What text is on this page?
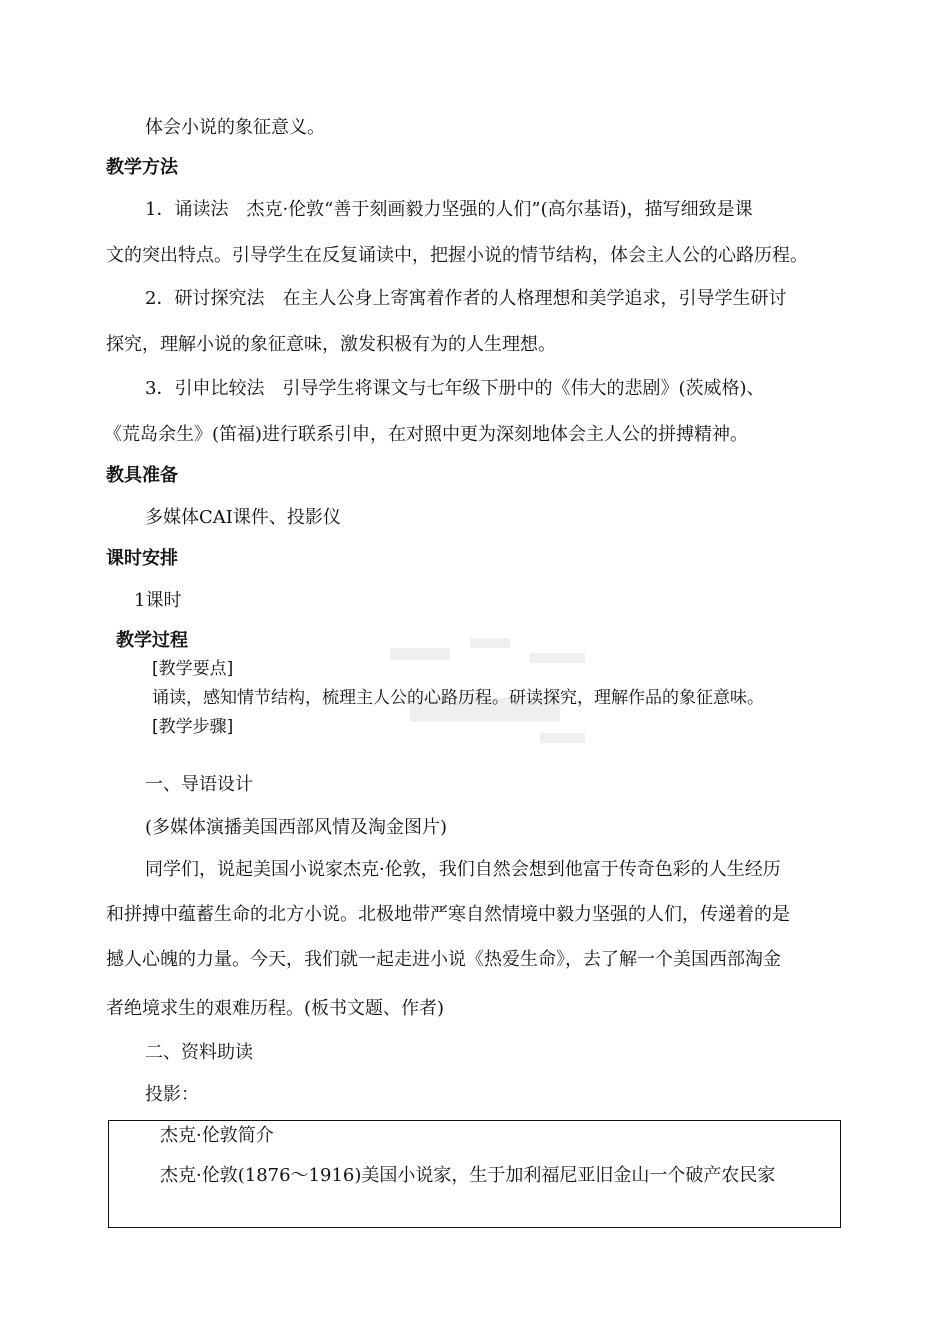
体会小说的象征意义。
教学方法
1．诵读法　杰克·伦敦“善于刻画毅力坚强的人们”(高尔基语)，描写细致是课
文的突出特点。引导学生在反复诵读中，把握小说的情节结构，体会主人公的心路历程。
2．研讨探究法　在主人公身上寄寓着作者的人格理想和美学追求，引导学生研讨
探究，理解小说的象征意味，激发积极有为的人生理想。
3．引申比较法　引导学生将课文与七年级下册中的《伟大的悲剧》(茨威格)、
《荒岛余生》(笛福)进行联系引申，在对照中更为深刻地体会主人公的拼搏精神。
教具准备
多媒体CAI课件、投影仪
课时安排
1课时
教学过程
[教学要点]
诵读，感知情节结构，梳理主人公的心路历程。研读探究，理解作品的象征意味。
[教学步骤]
一、导语设计
(多媒体演播美国西部风情及淘金图片)
同学们，说起美国小说家杰克·伦敦，我们自然会想到他富于传奇色彩的人生经历
和拼搏中蕴蓄生命的北方小说。北极地带严寒自然情境中毅力坚强的人们，传递着的是
撼人心魄的力量。今天，我们就一起走进小说《热爱生命》，去了解一个美国西部淘金
者绝境求生的艰难历程。(板书文题、作者)
二、资料助读
投影：
杰克·伦敦简介
杰克·伦敦(1876～1916)美国小说家，生于加利福尼亚旧金山一个破产农民家
